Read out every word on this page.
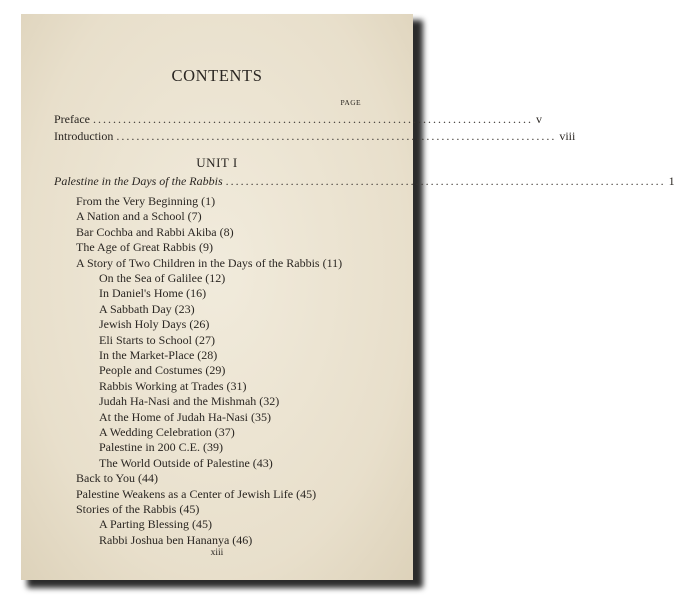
CONTENTS
PAGE
Preface ........................................................................................ v
Introduction ........................................................................................ viii
UNIT I
Palestine in the Days of the Rabbis ........................................................................................ 1
From the Very Beginning (1)
A Nation and a School (7)
Bar Cochba and Rabbi Akiba (8)
The Age of Great Rabbis (9)
A Story of Two Children in the Days of the Rabbis (11)
On the Sea of Galilee (12)
In Daniel's Home (16)
A Sabbath Day (23)
Jewish Holy Days (26)
Eli Starts to School (27)
In the Market-Place (28)
People and Costumes (29)
Rabbis Working at Trades (31)
Judah Ha-Nasi and the Mishmah (32)
At the Home of Judah Ha-Nasi (35)
A Wedding Celebration (37)
Palestine in 200 C.E. (39)
The World Outside of Palestine (43)
Back to You (44)
Palestine Weakens as a Center of Jewish Life (45)
Stories of the Rabbis (45)
A Parting Blessing (45)
Rabbi Joshua ben Hananya (46)
xiii
